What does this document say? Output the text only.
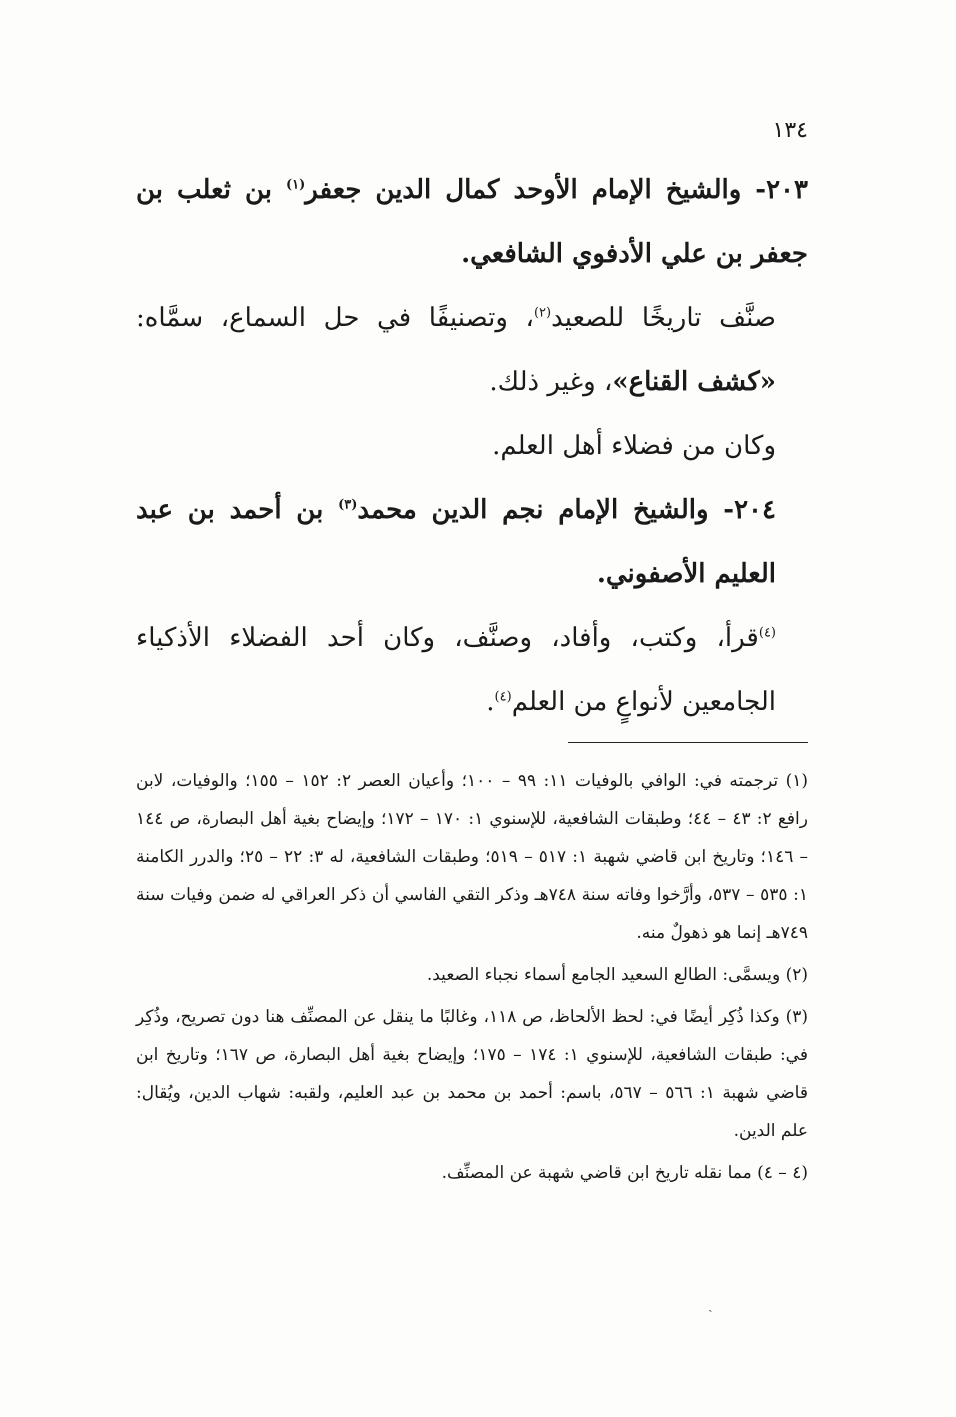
١٣٤

٢٠٣- والشيخ الإمام الأوحد كمال الدين جعفر$^{(١)}$ بن ثعلب بن جعفر بن علي الأدفوي الشافعي.

صنَّف تاريخًا للصعيد$^{(٢)}$، وتصنيفًا في حل السماع، سمَّاه: «كشف القناع»، وغير ذلك.

وكان من فضلاء أهل العلم.

٢٠٤- والشيخ الإمام نجم الدين محمد$^{(٣)}$ بن أحمد بن عبد العليم الأصفوني.

$^{(٤)}$قرأ، وكتب، وأفاد، وصنَّف، وكان أحد الفضلاء الأذكياء الجامعين لأنواعٍ من العلم$^{(٤)}$.

(١) ترجمته في: الوافي بالوفيات ١١: ٩٩ – ١٠٠؛ وأعيان العصر ٢: ١٥٢ – ١٥٥؛ والوفيات، لابن رافع ٢: ٤٣ – ٤٤؛ وطبقات الشافعية، للإسنوي ١: ١٧٠ – ١٧٢؛ وإيضاح بغية أهل البصارة، ص ١٤٤ – ١٤٦؛ وتاريخ ابن قاضي شهبة ١: ٥١٧ – ٥١٩؛ وطبقات الشافعية، له ٣: ٢٢ – ٢٥؛ والدرر الكامنة ١: ٥٣٥ – ٥٣٧، وأرَّخوا وفاته سنة ٧٤٨هـ وذكر التقي الفاسي أن ذكر العراقي له ضمن وفيات سنة ٧٤٩هـ إنما هو ذهولٌ منه.

(٢) ويسمَّى: الطالع السعيد الجامع أسماء نجباء الصعيد.

(٣) وكذا ذُكِر أيضًا في: لحظ الألحاظ، ص ١١٨، وغالبًا ما ينقل عن المصنِّف هنا دون تصريح، وذُكِر في: طبقات الشافعية، للإسنوي ١: ١٧٤ – ١٧٥؛ وإيضاح بغية أهل البصارة، ص ١٦٧؛ وتاريخ ابن قاضي شهبة ١: ٥٦٦ – ٥٦٧، باسم: أحمد بن محمد بن عبد العليم، ولقبه: شهاب الدين، ويُقال: علم الدين.

(٤ – ٤) مما نقله تاريخ ابن قاضي شهبة عن المصنِّف.

ˎ
